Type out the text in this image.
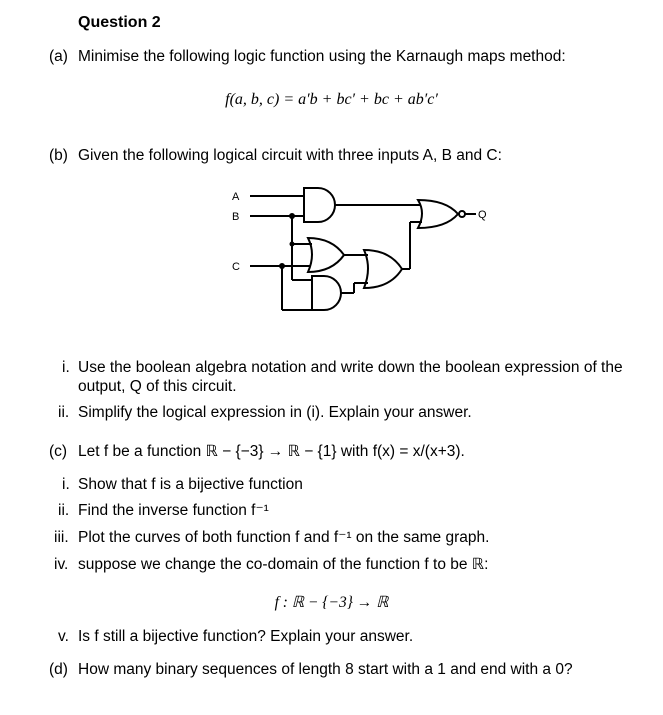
Question 2
(a) Minimise the following logic function using the Karnaugh maps method:
f(a, b, c) = a′b + bc′ + bc + ab′c′
(b) Given the following logical circuit with three inputs A, B and C:
A
B
C
Q
i. Use the boolean algebra notation and write down the boolean expression of the
output, Q of this circuit.
ii. Simplify the logical expression in (i). Explain your answer.
(c) Let f be a function ℝ − {−3} → ℝ − {1} with f(x) = x/(x+3).
i. Show that f is a bijective function
ii. Find the inverse function f⁻¹
iii. Plot the curves of both function f and f⁻¹ on the same graph.
iv. suppose we change the co-domain of the function f to be ℝ:
f : ℝ − {−3} → ℝ
v. Is f still a bijective function? Explain your answer.
(d) How many binary sequences of length 8 start with a 1 and end with a 0?
